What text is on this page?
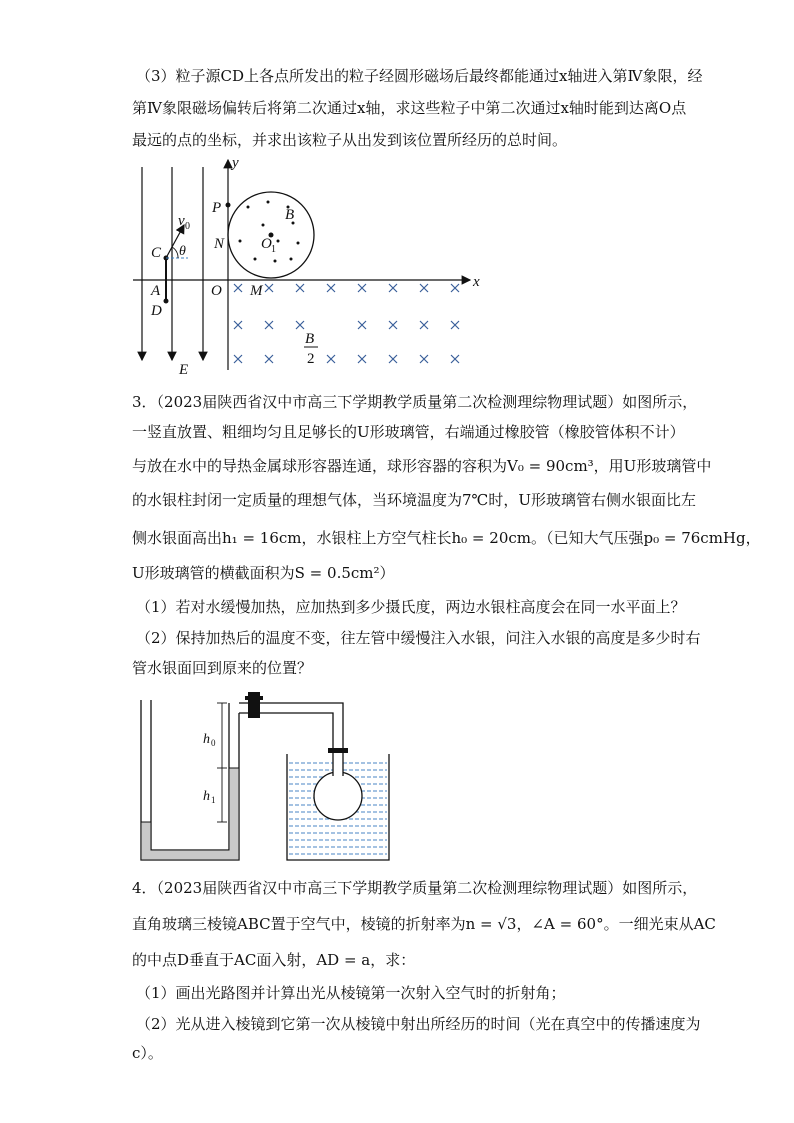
（3）粒子源CD上各点所发出的粒子经圆形磁场后最终都能通过x轴进入第Ⅳ象限，经
第Ⅳ象限磁场偏转后将第二次通过x轴，求这些粒子中第二次通过x轴时能到达离O点
最远的点的坐标，并求出该粒子从出发到该位置所经历的总时间。
y
x
P	B
N O 1
C
A
D
O M
E
v 0
θ
B
2
3．（2023届陕西省汉中市高三下学期教学质量第二次检测理综物理试题）如图所示，
一竖直放置、粗细均匀且足够长的U形玻璃管，右端通过橡胶管（橡胶管体积不计）
与放在水中的导热金属球形容器连通，球形容器的容积为V₀ = 90cm³，用U形玻璃管中
的水银柱封闭一定质量的理想气体，当环境温度为7℃时，U形玻璃管右侧水银面比左
侧水银面高出h₁ = 16cm，水银柱上方空气柱长h₀ = 20cm。（已知大气压强p₀ = 76cmHg，
U形玻璃管的横截面积为S = 0.5cm²）
（1）若对水缓慢加热，应加热到多少摄氏度，两边水银柱高度会在同一水平面上？
（2）保持加热后的温度不变，往左管中缓慢注入水银，问注入水银的高度是多少时右
管水银面回到原来的位置？
h 0
h 1
4．（2023届陕西省汉中市高三下学期教学质量第二次检测理综物理试题）如图所示，
直角玻璃三棱镜ABC置于空气中，棱镜的折射率为n = √3，∠A = 60°。一细光束从AC
的中点D垂直于AC面入射，AD = a，求：
（1）画出光路图并计算出光从棱镜第一次射入空气时的折射角；
（2）光从进入棱镜到它第一次从棱镜中射出所经历的时间（光在真空中的传播速度为
c）。
